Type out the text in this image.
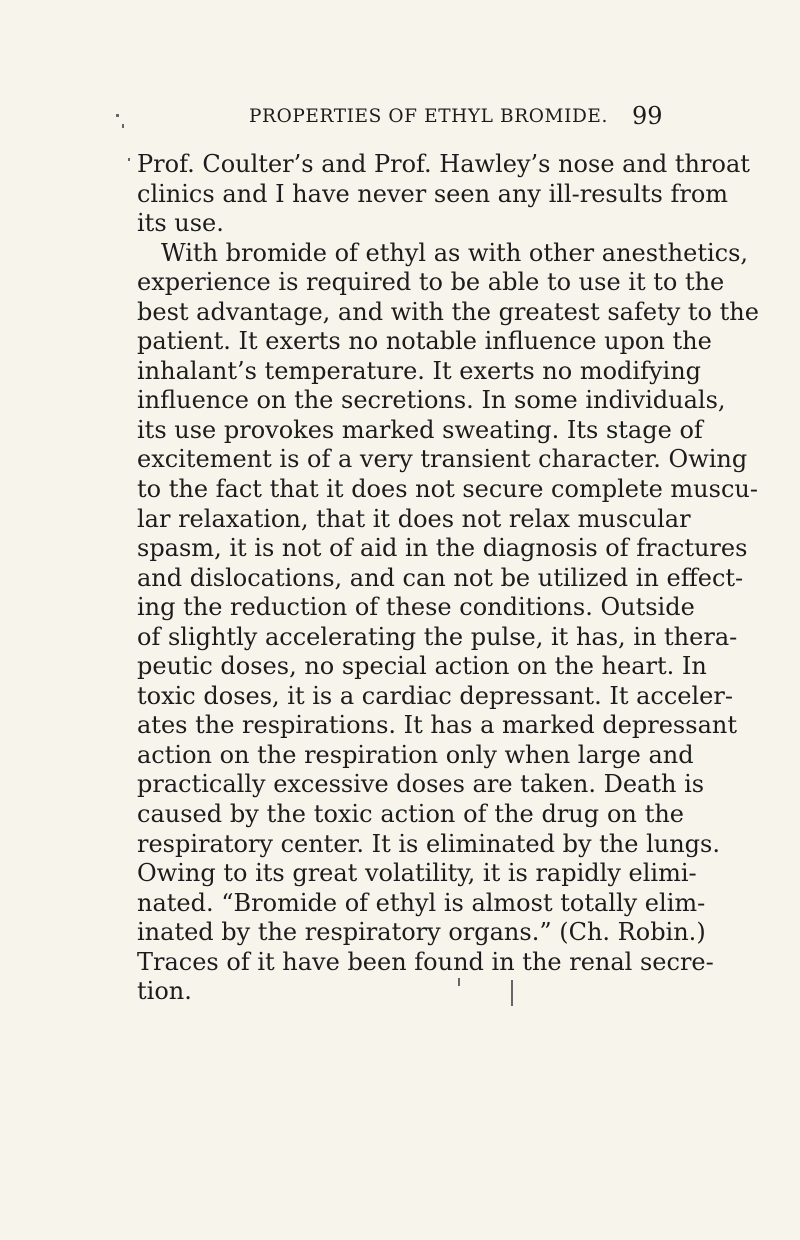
PROPERTIES OF ETHYL BROMIDE. 99
Prof. Coulter’s and Prof. Hawley’s nose and throat
clinics and I have never seen any ill-results from
its use.
With bromide of ethyl as with other anesthetics,
experience is required to be able to use it to the
best advantage, and with the greatest safety to the
patient. It exerts no notable influence upon the
inhalant’s temperature. It exerts no modifying
influence on the secretions. In some individuals,
its use provokes marked sweating. Its stage of
excitement is of a very transient character. Owing
to the fact that it does not secure complete muscu-
lar relaxation, that it does not relax muscular
spasm, it is not of aid in the diagnosis of fractures
and dislocations, and can not be utilized in effect-
ing the reduction of these conditions. Outside
of slightly accelerating the pulse, it has, in thera-
peutic doses, no special action on the heart. In
toxic doses, it is a cardiac depressant. It acceler-
ates the respirations. It has a marked depressant
action on the respiration only when large and
practically excessive doses are taken. Death is
caused by the toxic action of the drug on the
respiratory center. It is eliminated by the lungs.
Owing to its great volatility, it is rapidly elimi-
nated. “Bromide of ethyl is almost totally elim-
inated by the respiratory organs.” (Ch. Robin.)
Traces of it have been found in the renal secre-
tion.
